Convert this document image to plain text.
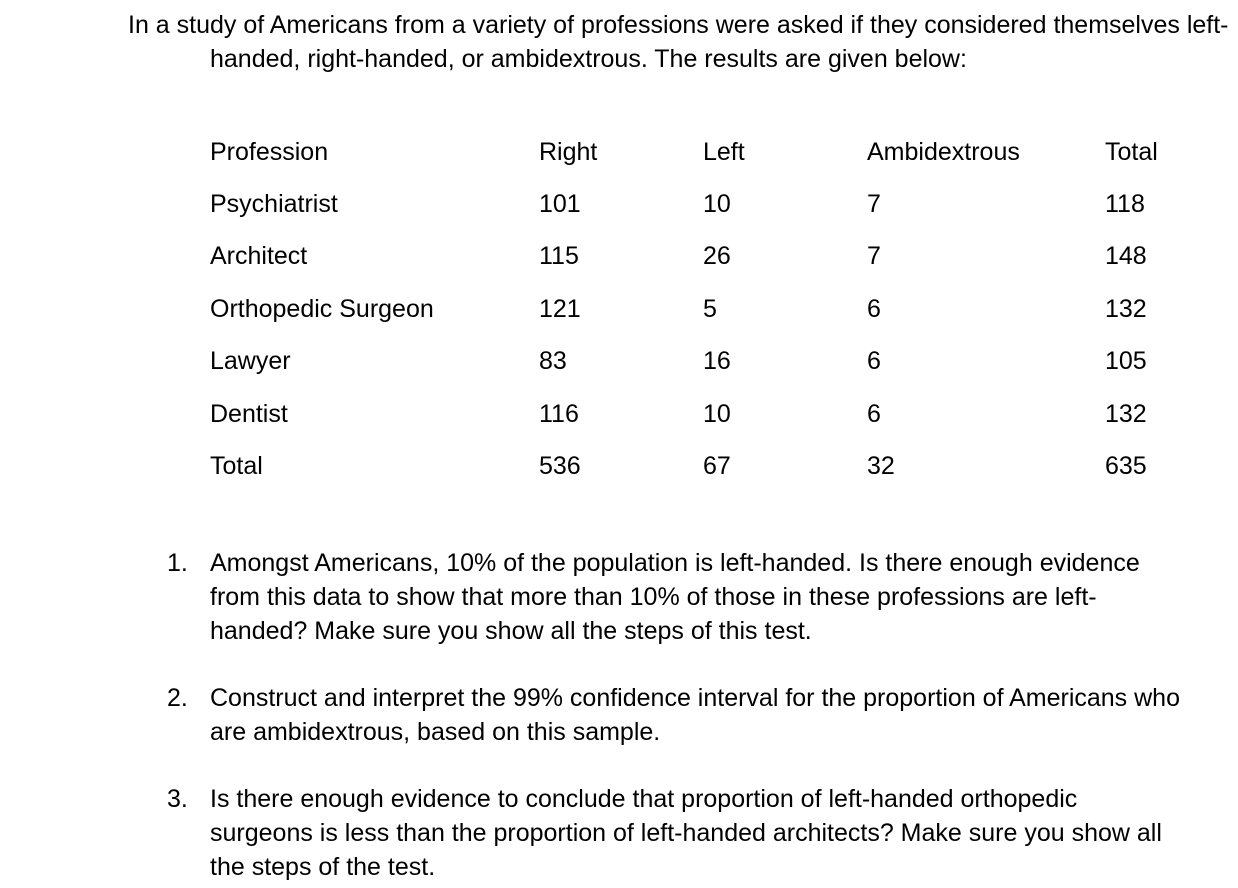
In a study of Americans from a variety of professions were asked if they considered themselves left-handed, right-handed, or ambidextrous. The results are given below:

Profession	Right	Left	Ambidextrous	Total
Psychiatrist	101	10	7	118
Architect	115	26	7	148
Orthopedic Surgeon	121	5	6	132
Lawyer	83	16	6	105
Dentist	116	10	6	132
Total	536	67	32	635
1. Amongst Americans, 10% of the population is left-handed. Is there enough evidence from this data to show that more than 10% of those in these professions are left-handed? Make sure you show all the steps of this test.
2. Construct and interpret the 99% confidence interval for the proportion of Americans who are ambidextrous, based on this sample.
3. Is there enough evidence to conclude that proportion of left-handed orthopedic surgeons is less than the proportion of left-handed architects? Make sure you show all the steps of the test.
